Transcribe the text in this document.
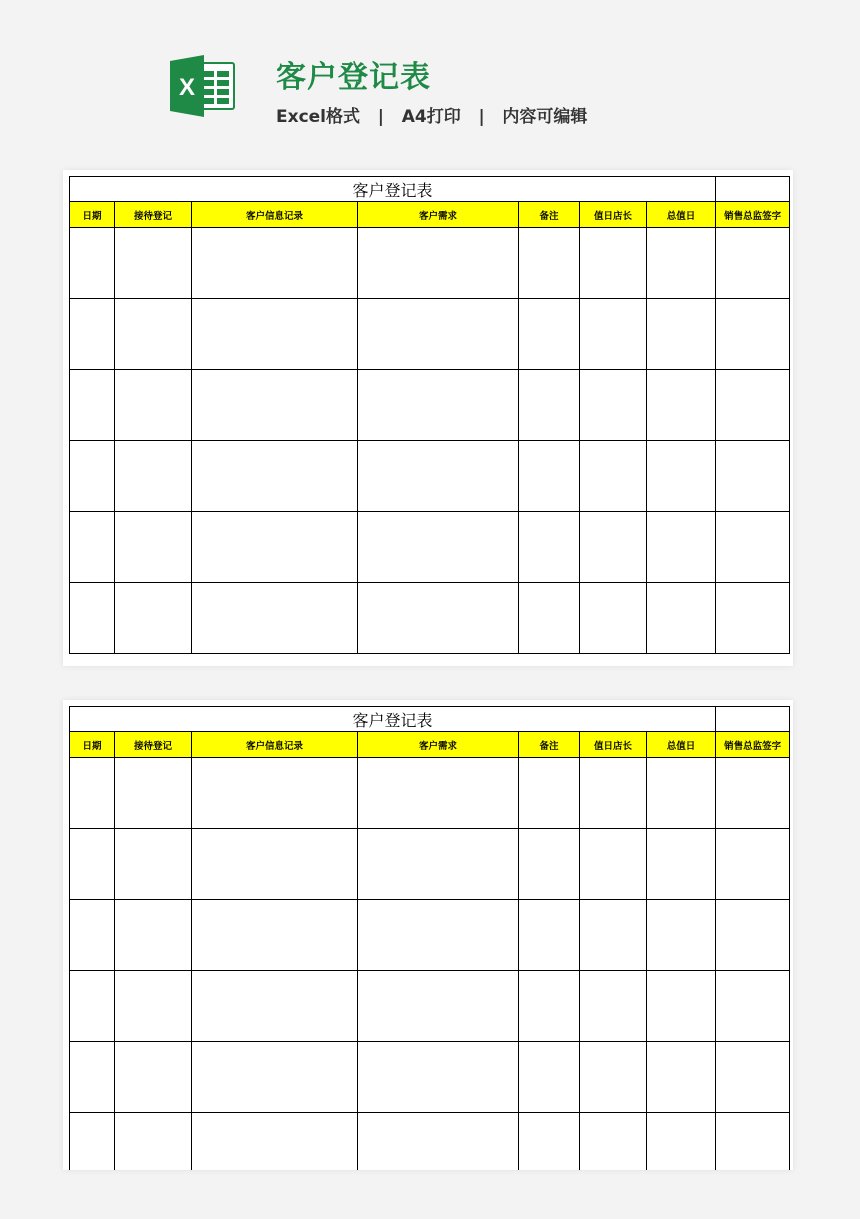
X	客户登记表
Excel格式   |   A4打印   |   内容可编辑
客户登记表							
日期	接待登记	客户信息记录	客户需求	备注	值日店长	总值日	销售总监签字

客户登记表							
日期	接待登记	客户信息记录	客户需求	备注	值日店长	总值日	销售总监签字
